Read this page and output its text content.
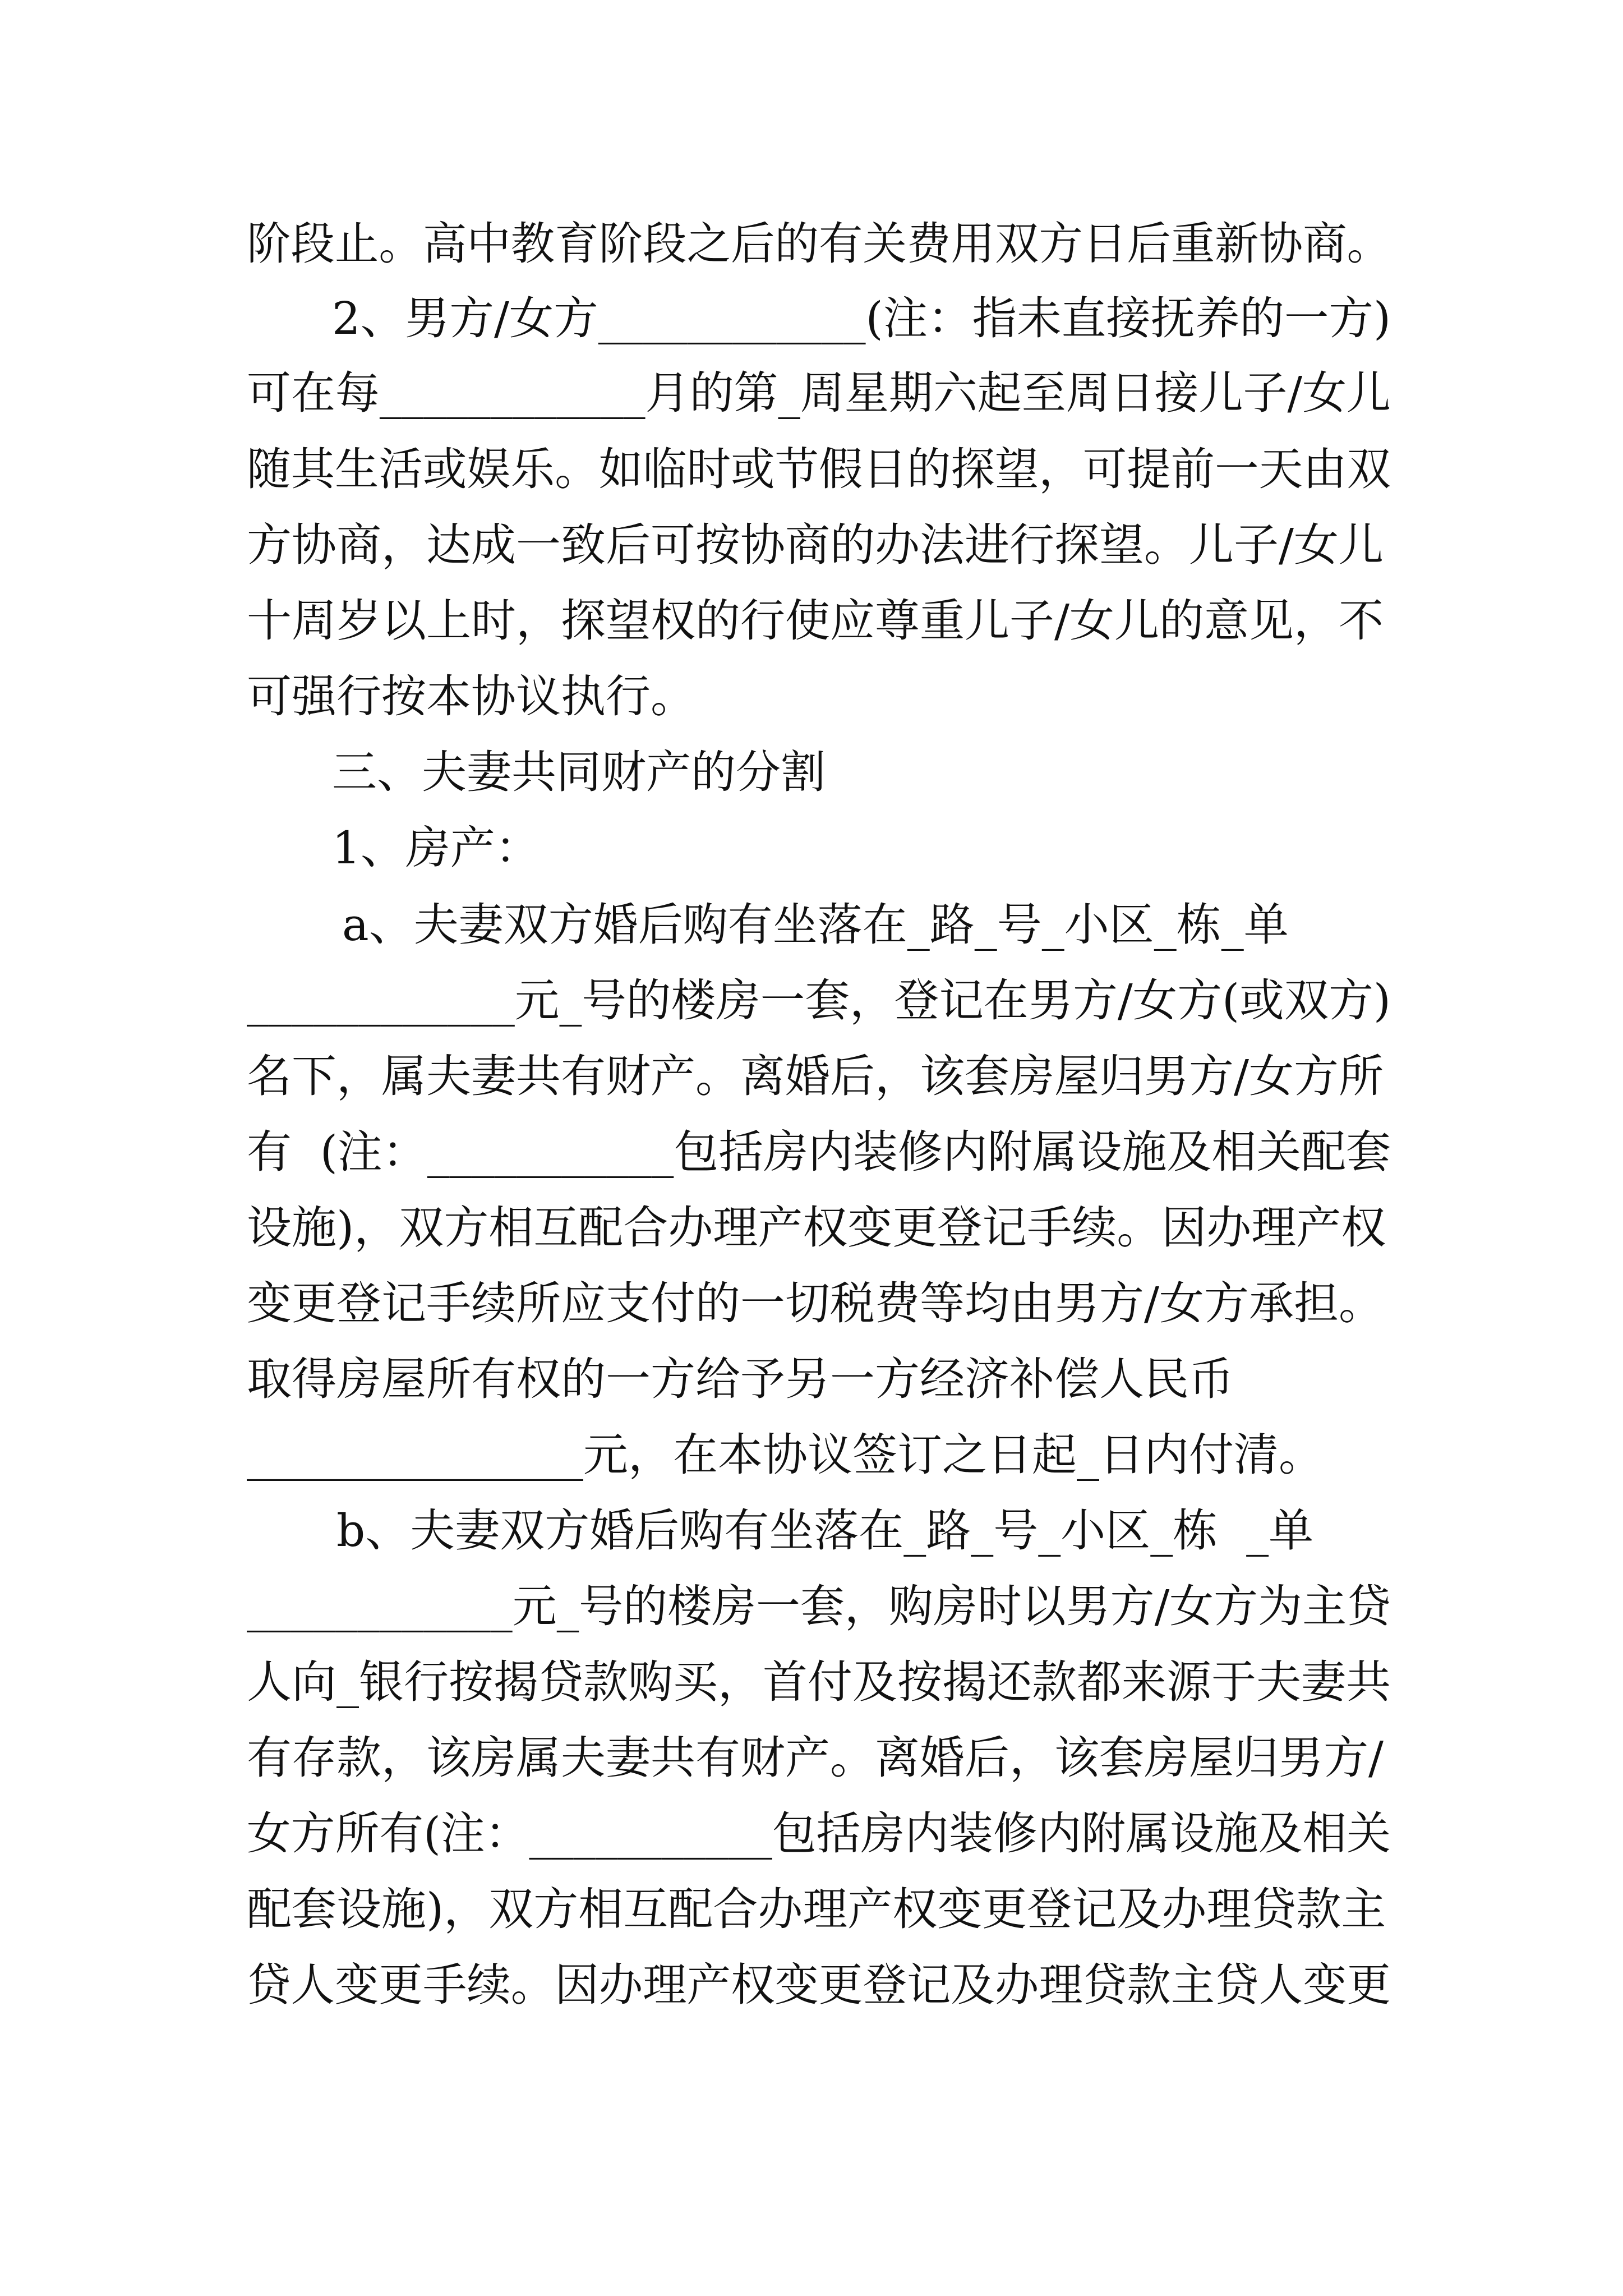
阶段止。高中教育阶段之后的有关费用双方日后重新协商。
2、男方/女方____________(注：指未直接抚养的一方)
可在每____________月的第_周星期六起至周日接儿子/女儿
随其生活或娱乐。如临时或节假日的探望，可提前一天由双
方协商，达成一致后可按协商的办法进行探望。儿子/女儿
十周岁以上时，探望权的行使应尊重儿子/女儿的意见，不
可强行按本协议执行。
三、夫妻共同财产的分割
1、房产：
a、夫妻双方婚后购有坐落在_路_号_小区_栋_单
____________元_号的楼房一套，登记在男方/女方(或双方)
名下，属夫妻共有财产。离婚后，该套房屋归男方/女方所
有  (注：___________包括房内装修内附属设施及相关配套
设施)，双方相互配合办理产权变更登记手续。因办理产权
变更登记手续所应支付的一切税费等均由男方/女方承担。
取得房屋所有权的一方给予另一方经济补偿人民币
_______________元，在本协议签订之日起_日内付清。
b、夫妻双方婚后购有坐落在_路_号_小区_栋  _单
____________元_号的楼房一套，购房时以男方/女方为主贷
人向_银行按揭贷款购买，首付及按揭还款都来源于夫妻共
有存款，该房属夫妻共有财产。离婚后，该套房屋归男方/
女方所有(注：___________包括房内装修内附属设施及相关
配套设施)，双方相互配合办理产权变更登记及办理贷款主
贷人变更手续。因办理产权变更登记及办理贷款主贷人变更
